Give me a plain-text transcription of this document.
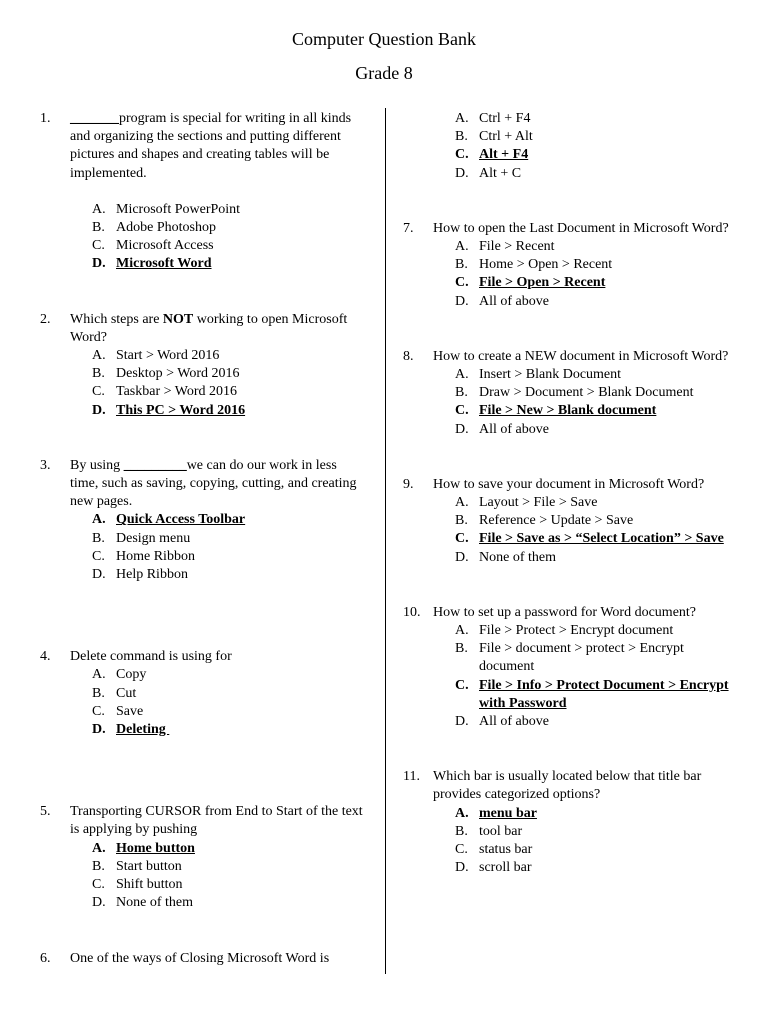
Computer Question Bank
Grade 8
1.	_______program is special for writing in all kinds and organizing the sections and putting different pictures and shapes and creating tables will be implemented.
A. Microsoft PowerPoint
B. Adobe Photoshop
C. Microsoft Access
D. Microsoft Word
2.	Which steps are NOT working to open Microsoft Word?
A. Start > Word 2016
B. Desktop > Word 2016
C. Taskbar > Word 2016
D. This PC > Word 2016
3.	By using _________we can do our work in less time, such as saving, copying, cutting, and creating new pages.
A. Quick Access Toolbar
B. Design menu
C. Home Ribbon
D. Help Ribbon
4.	Delete command is using for
A. Copy
B. Cut
C. Save
D. Deleting
5.	Transporting CURSOR from End to Start of the text is applying by pushing
A. Home button
B. Start button
C. Shift button
D. None of them
6.	One of the ways of Closing Microsoft Word is
A. Ctrl + F4
B. Ctrl + Alt
C. Alt + F4
D. Alt + C
7.	How to open the Last Document in Microsoft Word?
A. File > Recent
B. Home > Open > Recent
C. File > Open > Recent
D. All of above
8.	How to create a NEW document in Microsoft Word?
A. Insert > Blank Document
B. Draw > Document > Blank Document
C. File > New > Blank document
D. All of above
9.	How to save your document in Microsoft Word?
A. Layout > File > Save
B. Reference > Update > Save
C. File > Save as > “Select Location” > Save
D. None of them
10. How to set up a password for Word document?
A. File > Protect > Encrypt document
B. File > document > protect > Encrypt document
C. File > Info > Protect Document > Encrypt with Password
D. All of above
11. Which bar is usually located below that title bar provides categorized options?
A. menu bar
B. tool bar
C. status bar
D. scroll bar
